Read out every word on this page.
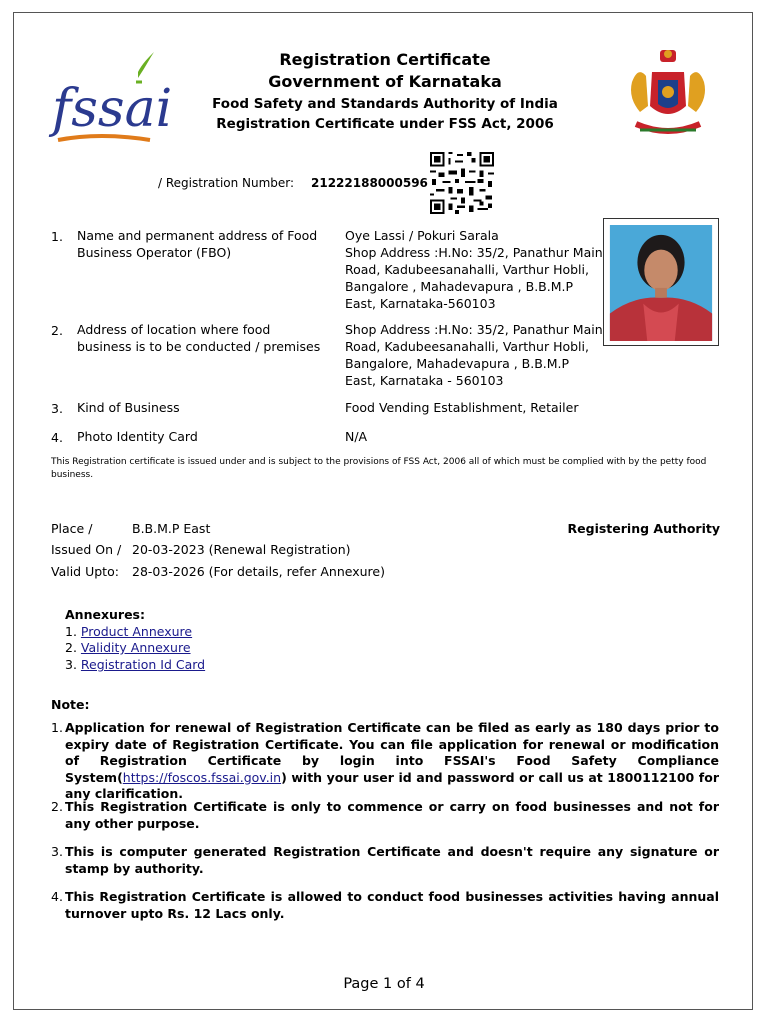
fssai
Registration Certificate
Government of Karnataka
Food Safety and Standards Authority of India
Registration Certificate under FSS Act, 2006
/ Registration Number: 21222188000596
1. Name and permanent address of Food Business Operator (FBO)
Oye Lassi / Pokuri Sarala
Shop Address :H.No: 35/2, Panathur Main Road, Kadubeesanahalli, Varthur Hobli, Bangalore , Mahadevapura , B.B.M.P East, Karnataka-560103
2. Address of location where food business is to be conducted / premises
Shop Address :H.No: 35/2, Panathur Main Road, Kadubeesanahalli, Varthur Hobli, Bangalore, Mahadevapura , B.B.M.P East, Karnataka - 560103
3. Kind of Business	Food Vending Establishment, Retailer
4. Photo Identity Card	N/A
This Registration certificate is issued under and is subject to the provisions of FSS Act, 2006 all of which must be complied with by the petty food business.
Place /	B.B.M.P East
Issued On / 20-03-2023 (Renewal Registration)
Valid Upto: 28-03-2026 (For details, refer Annexure)
Registering Authority
Annexures:
1. Product Annexure
2. Validity Annexure
3. Registration Id Card
Note:
1. Application for renewal of Registration Certificate can be filed as early as 180 days prior to expiry date of Registration Certificate. You can file application for renewal or modification of Registration Certificate by login into FSSAI's Food Safety Compliance System(https://foscos.fssai.gov.in) with your user id and password or call us at 1800112100 for any clarification.
2. This Registration Certificate is only to commence or carry on food businesses and not for any other purpose.
3. This is computer generated Registration Certificate and doesn't require any signature or stamp by authority.
4. This Registration Certificate is allowed to conduct food businesses activities having annual turnover upto Rs. 12 Lacs only.
Page 1 of 4
